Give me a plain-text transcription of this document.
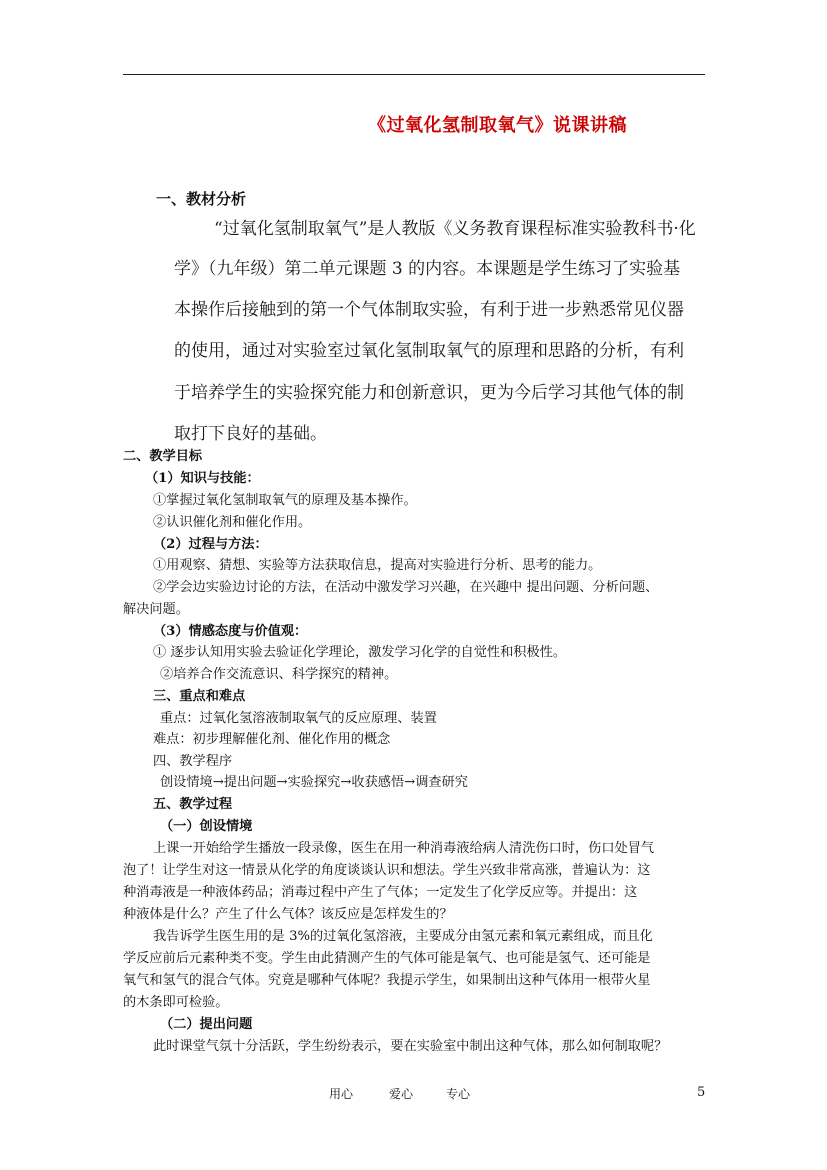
《过氧化氢制取氧气》说课讲稿
一、教材分析
“过氧化氢制取氧气”是人教版《义务教育课程标准实验教科书·化
学》（九年级）第二单元课题 3 的内容。本课题是学生练习了实验基
本操作后接触到的第一个气体制取实验，有利于进一步熟悉常见仪器
的使用，通过对实验室过氧化氢制取氧气的原理和思路的分析，有利
于培养学生的实验探究能力和创新意识，更为今后学习其他气体的制
取打下良好的基础。
二、教学目标
（1）知识与技能：
①掌握过氧化氢制取氧气的原理及基本操作。
②认识催化剂和催化作用。
（2）过程与方法：
①用观察、猜想、实验等方法获取信息，提高对实验进行分析、思考的能力。
②学会边实验边讨论的方法，在活动中激发学习兴趣，在兴趣中 提出问题、分析问题、
解决问题。
（3）情感态度与价值观：
① 逐步认知用实验去验证化学理论，激发学习化学的自觉性和积极性。
②培养合作交流意识、科学探究的精神。
三、重点和难点
重点：过氧化氢溶液制取氧气的反应原理、装置
难点：初步理解催化剂、催化作用的概念
四、教学程序
创设情境→提出问题→实验探究→收获感悟→调查研究
五、教学过程
（一）创设情境
上课一开始给学生播放一段录像，医生在用一种消毒液给病人清洗伤口时，伤口处冒气
泡了！让学生对这一情景从化学的角度谈谈认识和想法。学生兴致非常高涨，普遍认为：这
种消毒液是一种液体药品；消毒过程中产生了气体；一定发生了化学反应等。并提出：这
种液体是什么？产生了什么气体？该反应是怎样发生的？
我告诉学生医生用的是 3%的过氧化氢溶液，主要成分由氢元素和氧元素组成，而且化
学反应前后元素种类不变。学生由此猜测产生的气体可能是氧气、也可能是氢气、还可能是
氧气和氢气的混合气体。究竟是哪种气体呢？我提示学生，如果制出这种气体用一根带火星
的木条即可检验。
（二）提出问题
此时课堂气氛十分活跃，学生纷纷表示，要在实验室中制出这种气体，那么如何制取呢？
用心	爱心	专心	5
